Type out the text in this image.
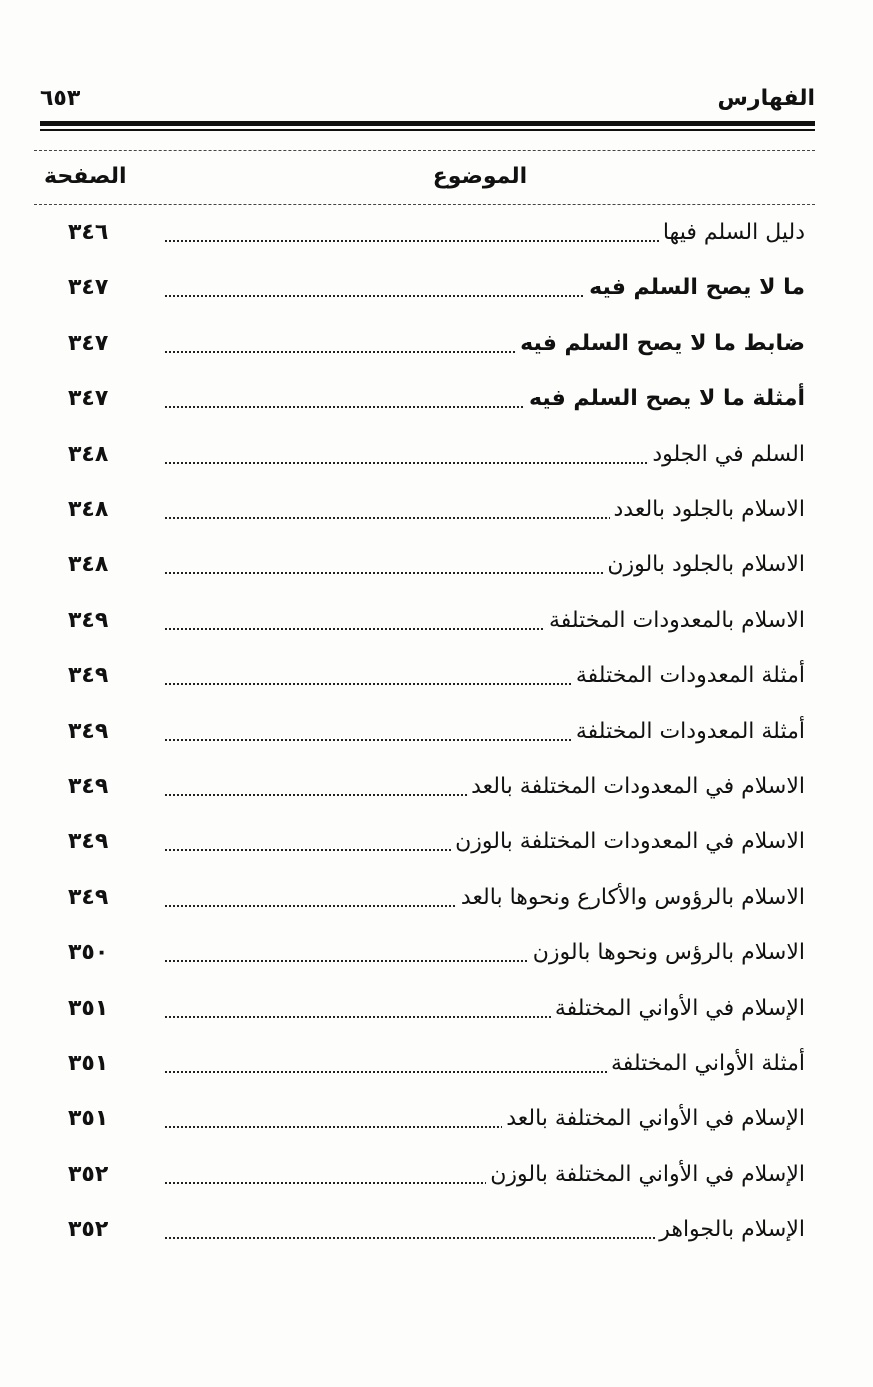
الفهارس
٦٥٣
الموضوع
الصفحة
دليل السلم فيها
٣٤٦
ما لا يصح السلم فيه
٣٤٧
ضابط ما لا يصح السلم فيه
٣٤٧
أمثلة ما لا يصح السلم فيه
٣٤٧
السلم في الجلود
٣٤٨
الاسلام بالجلود بالعدد
٣٤٨
الاسلام بالجلود بالوزن
٣٤٨
الاسلام بالمعدودات المختلفة
٣٤٩
أمثلة المعدودات المختلفة
٣٤٩
أمثلة المعدودات المختلفة
٣٤٩
الاسلام في المعدودات المختلفة بالعد
٣٤٩
الاسلام في المعدودات المختلفة بالوزن
٣٤٩
الاسلام بالرؤوس والأكارع ونحوها بالعد
٣٤٩
الاسلام بالرؤس ونحوها بالوزن
٣٥٠
الإسلام في الأواني المختلفة
٣٥١
أمثلة الأواني المختلفة
٣٥١
الإسلام في الأواني المختلفة بالعد
٣٥١
الإسلام في الأواني المختلفة بالوزن
٣٥٢
الإسلام بالجواهر
٣٥٢
